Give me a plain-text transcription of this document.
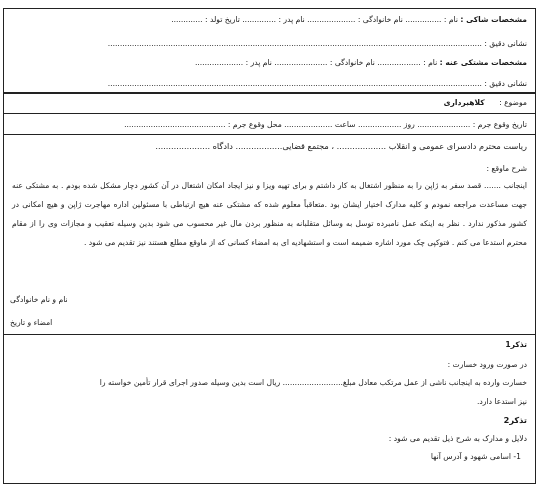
مشخصات شاکی : نام : ............... نام خانوادگی : .................... نام پدر : .............. تاریخ تولد : .............
نشانی دقیق : ...........................................................................................................................................................
مشخصات مشتکی عنه : نام : .................. نام خانوادگی : ...................... نام پدر : ....................
نشانی دقیق : ...........................................................................................................................................................
موضوع : کلاهبرداری
تاریخ وقوع جرم : ...................... روز .................. ساعت .................... محل وقوع جرم : ..........................................
ریاست محترم دادسرای عمومی و انقلاب ................... ، مجتمع قضایی.................. دادگاه .....................
شرح ماوقع :
اینجانب ....... قصد سفر به ژاپن را به منظور اشتغال به کار داشتم و برای تهیه ویزا و نیز ایجاد امکان اشتغال در آن کشور دچار مشکل شده بودم . به مشتکی عنه جهت مساعدت مراجعه نمودم و کلیه مدارک اختیار ایشان بود .متعاقباً معلوم شده که مشتکی عنه هیچ ارتباطی با مسئولین اداره مهاجرت ژاپن و هیچ امکانی در کشور مذکور ندارد . نظر به اینکه عمل نامبرده توسل به وسائل متقلبانه به منظور بردن مال غیر محسوب می شود بدین وسیله تعقیب و مجازات وی را از مقام محترم استدعا می کنم . فتوکپی چک مورد اشاره ضمیمه است و استشهادیه ای به امضاء کسانی که از ماوقع مطلع هستند نیز تقدیم می شود .
نام و نام خانوادگی
امضاء و تاریخ
تذکر1
در صورت ورود خسارت :
خسارت وارده به اینجانب ناشی از عمل مرتکب معادل مبلغ......................... ریال است بدین وسیله صدور اجرای قرار تأمین خواسته را
نیز استدعا دارد.
تذکر2
دلایل و مدارک به شرح ذیل تقدیم می شود :
1- اسامی شهود و آدرس آنها
